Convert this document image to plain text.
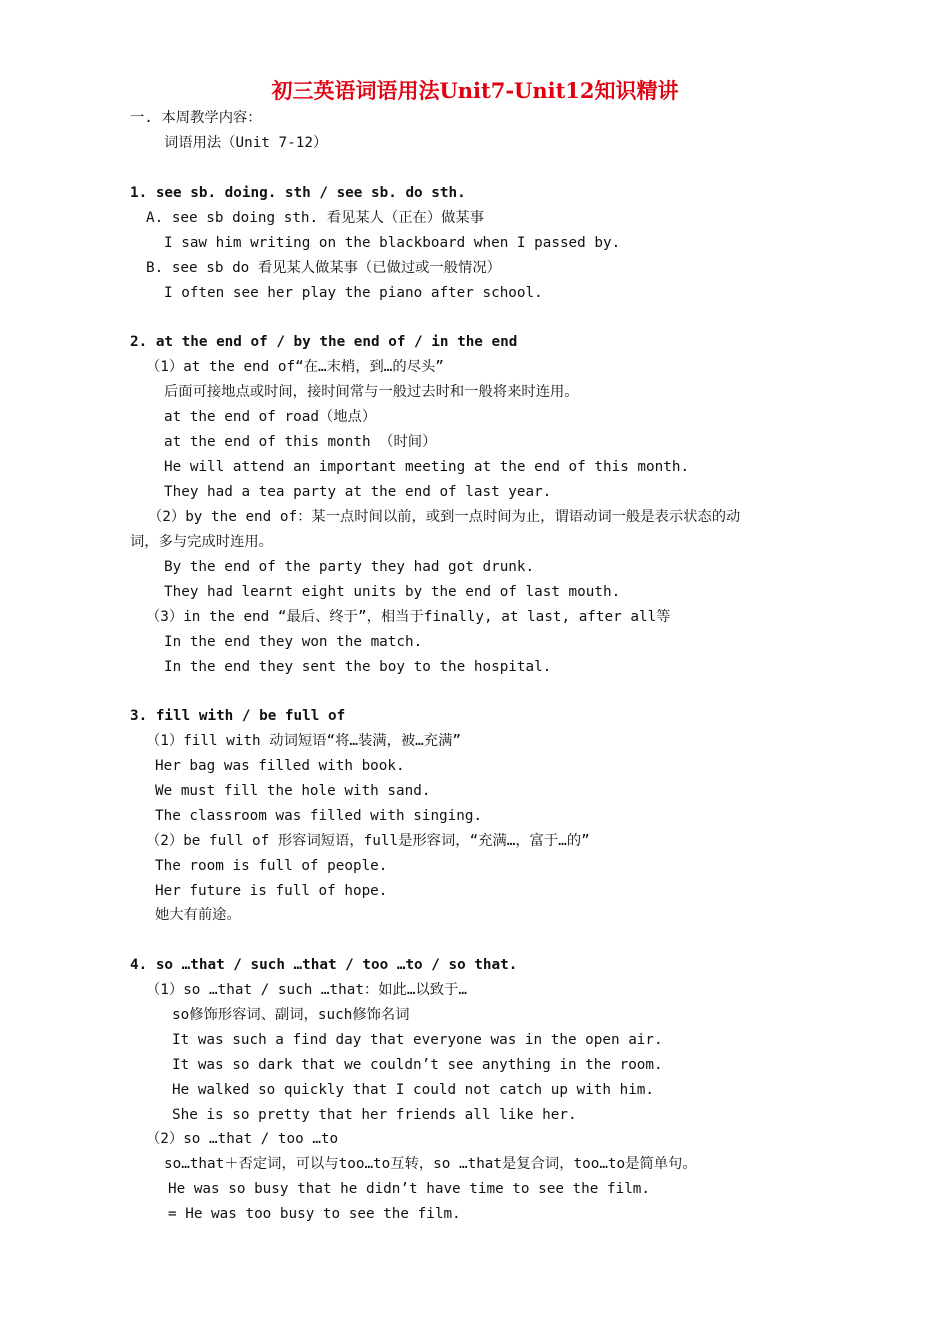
初三英语词语用法Unit7-Unit12知识精讲
一. 本周教学内容：
词语用法（Unit 7-12）
1. see sb. doing. sth / see sb. do sth.
A. see sb doing sth. 看见某人（正在）做某事
I saw him writing on the blackboard when I passed by.
B. see sb do 看见某人做某事（已做过或一般情况）
I often see her play the piano after school.
2. at the end of / by the end of / in the end
（1）at the end of“在…末梢，到…的尽头”
后面可接地点或时间，接时间常与一般过去时和一般将来时连用。
at the end of road（地点）
at the end of this month （时间）
He will attend an important meeting at the end of this month.
They had a tea party at the end of last year.
（2）by the end of：某一点时间以前，或到一点时间为止，谓语动词一般是表示状态的动
词，多与完成时连用。
By the end of the party they had got drunk.
They had learnt eight units by the end of last mouth.
（3）in the end “最后、终于”，相当于finally, at last, after all等
In the end they won the match.
In the end they sent the boy to the hospital.
3. fill with / be full of
（1）fill with 动词短语“将…装满，被…充满”
Her bag was filled with book.
We must fill the hole with sand.
The classroom was filled with singing.
（2）be full of 形容词短语，full是形容词，“充满…，富于…的”
The room is full of people.
Her future is full of hope.
她大有前途。
4. so …that / such …that / too …to / so that.
（1）so …that / such …that：如此…以致于…
so修饰形容词、副词，such修饰名词
It was such a find day that everyone was in the open air.
It was so dark that we couldn’t see anything in the room.
He walked so quickly that I could not catch up with him.
She is so pretty that her friends all like her.
（2）so …that / too …to
so…that＋否定词，可以与too…to互转，so …that是复合词，too…to是简单句。
He was so busy that he didn’t have time to see the film.
= He was too busy to see the film.
